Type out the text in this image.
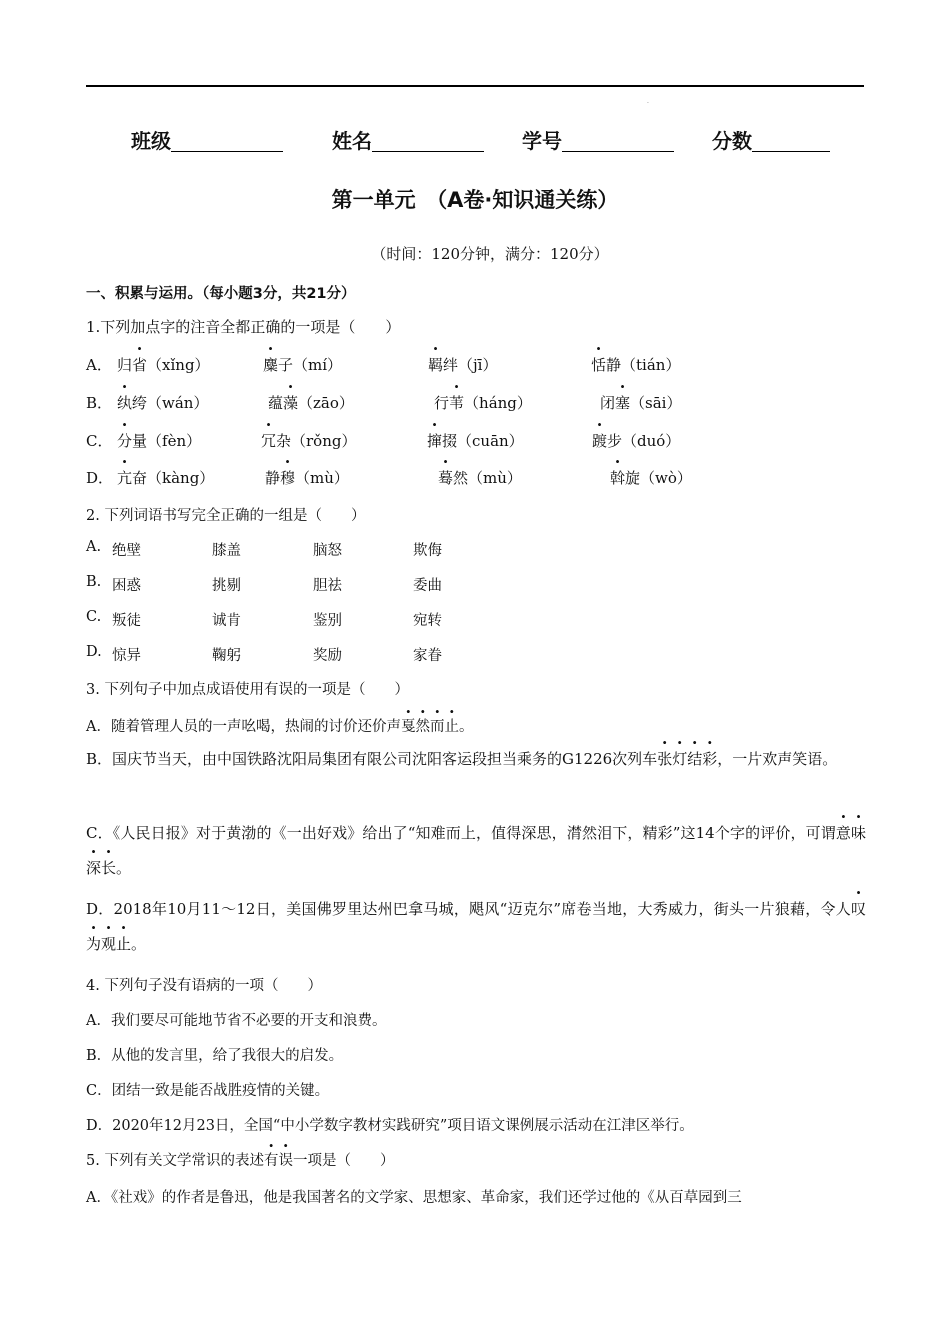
·
班级	姓名	学号	分数
第一单元　（A卷·知识通关练）
（时间：120分钟，满分：120分）
一、积累与运用。（每小题3分，共21分）
1.下列加点字的注音全都正确的一项是（　　）
A． 归省（xǐng）	麋子（mí）	羁绊（jī）	恬静（tián）
B． 纨绔（wán）	蕴藻（zāo）	行苇（háng）	闭塞（sāi）
C． 分量（fèn）	冗杂（rǒng）	撺掇（cuān）	踱步（duó）
D． 亢奋（kàng）	静穆（mù）	蓦然（mù）	斡旋（wò）
2. 下列词语书写完全正确的一组是（　　）
A. 绝壁	膝盖	脑怒	欺侮
B. 困惑	挑剔	胆祛	委曲
C. 叛徒	诚肯	鉴别	宛转
D. 惊异	鞠躬	奖励	家眷
3. 下列句子中加点成语使用有误的一项是（　　）
A．随着管理人员的一声吆喝，热闹的讨价还价声戛然而止。
B．国庆节当天，由中国铁路沈阳局集团有限公司沈阳客运段担当乘务的G1226次列车张灯结彩，一片欢声笑语。
C．《人民日报》对于黄渤的《一出好戏》给出了“知难而上，值得深思，潸然泪下，精彩”这14个字的评价，可谓意味深长。
D．2018年10月11～12日，美国佛罗里达州巴拿马城，飓风“迈克尔”席卷当地，大秀威力，街头一片狼藉，令人叹为观止。
4. 下列句子没有语病的一项（　　）
A．我们要尽可能地节省不必要的开支和浪费。
B．从他的发言里，给了我很大的启发。
C．团结一致是能否战胜疫情的关键。
D．2020年12月23日，全国“中小学数字教材实践研究”项目语文课例展示活动在江津区举行。
5. 下列有关文学常识的表述有误一项是（　　）
A．《社戏》的作者是鲁迅，他是我国著名的文学家、思想家、革命家，我们还学过他的《从百草园到三
